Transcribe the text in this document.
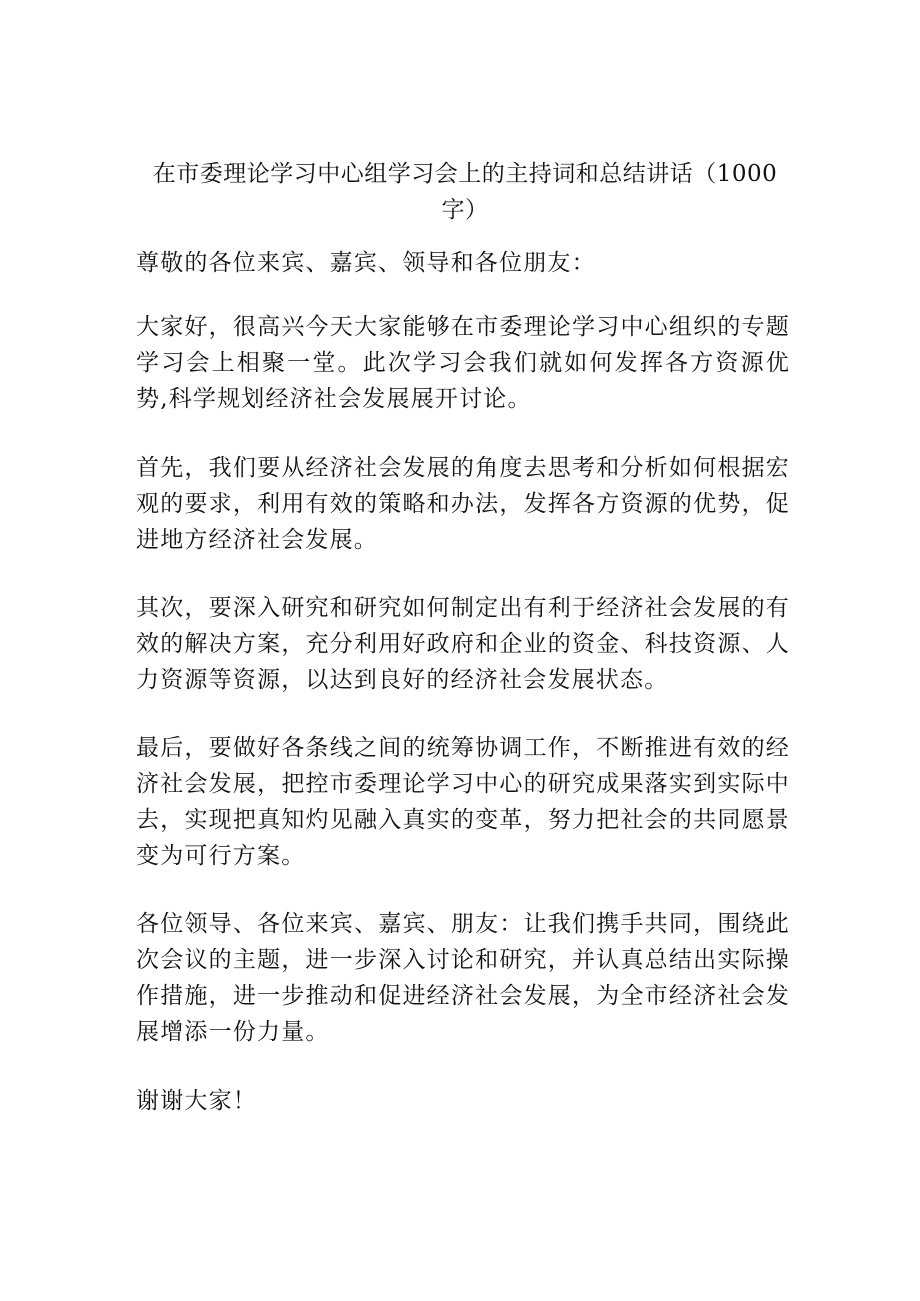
在市委理论学习中心组学习会上的主持词和总结讲话（1000字）

尊敬的各位来宾、嘉宾、领导和各位朋友：

大家好，很高兴今天大家能够在市委理论学习中心组织的专题学习会上相聚一堂。此次学习会我们就如何发挥各方资源优势,科学规划经济社会发展展开讨论。

首先，我们要从经济社会发展的角度去思考和分析如何根据宏观的要求，利用有效的策略和办法，发挥各方资源的优势，促进地方经济社会发展。

其次，要深入研究和研究如何制定出有利于经济社会发展的有效的解决方案，充分利用好政府和企业的资金、科技资源、人力资源等资源，以达到良好的经济社会发展状态。

最后，要做好各条线之间的统筹协调工作，不断推进有效的经济社会发展，把控市委理论学习中心的研究成果落实到实际中去，实现把真知灼见融入真实的变革，努力把社会的共同愿景变为可行方案。

各位领导、各位来宾、嘉宾、朋友：让我们携手共同，围绕此次会议的主题，进一步深入讨论和研究，并认真总结出实际操作措施，进一步推动和促进经济社会发展，为全市经济社会发展增添一份力量。

谢谢大家！
